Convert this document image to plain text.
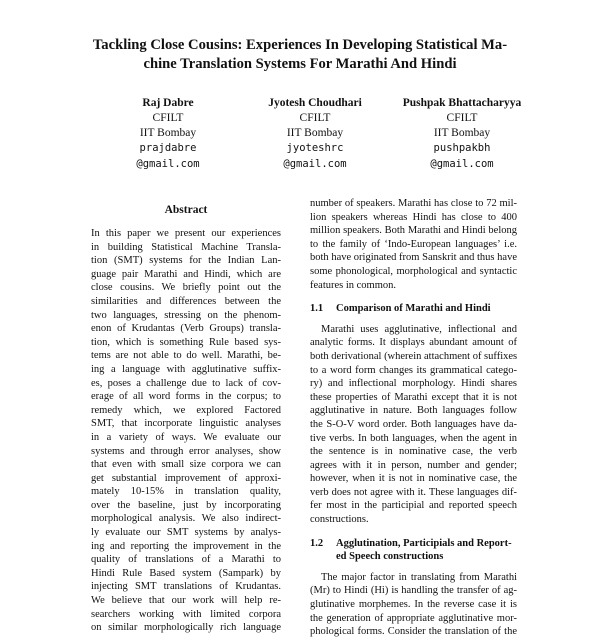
Tackling Close Cousins: Experiences In Developing Statistical Ma-
chine Translation Systems For Marathi And Hindi
Raj Dabre
CFILT
IIT Bombay
prajdabre
@gmail.com
Jyotesh Choudhari
CFILT
IIT Bombay
jyoteshrc
@gmail.com
Pushpak Bhattacharyya
CFILT
IIT Bombay
pushpakbh
@gmail.com
Abstract
In this paper we present our experiences
in building Statistical Machine Transla-
tion (SMT) systems for the Indian Lan-
guage pair Marathi and Hindi, which are
close cousins. We briefly point out the
similarities and differences between the
two languages, stressing on the phenom-
enon of Krudantas (Verb Groups) transla-
tion, which is something Rule based sys-
tems are not able to do well. Marathi, be-
ing a language with agglutinative suffix-
es, poses a challenge due to lack of cov-
erage of all word forms in the corpus; to
remedy which, we explored Factored
SMT, that incorporate linguistic analyses
in a variety of ways. We evaluate our
systems and through error analyses, show
that even with small size corpora we can
get substantial improvement of approxi-
mately 10-15% in translation quality,
over the baseline, just by incorporating
morphological analysis. We also indirect-
ly evaluate our SMT systems by analys-
ing and reporting the improvement in the
quality of translations of a Marathi to
Hindi Rule Based system (Sampark) by
injecting SMT translations of Krudantas.
We believe that our work will help re-
searchers working with limited corpora
on similar morphologically rich language
number of speakers. Marathi has close to 72 mil-
lion speakers whereas Hindi has close to 400
million speakers. Both Marathi and Hindi belong
to the family of ‘Indo-European languages’ i.e.
both have originated from Sanskrit and thus have
some phonological, morphological and syntactic
features in common.
1.1	Comparison of Marathi and Hindi
Marathi uses agglutinative, inflectional and
analytic forms. It displays abundant amount of
both derivational (wherein attachment of suffixes
to a word form changes its grammatical catego-
ry) and inflectional morphology. Hindi shares
these properties of Marathi except that it is not
agglutinative in nature. Both languages follow
the S-O-V word order. Both languages have da-
tive verbs. In both languages, when the agent in
the sentence is in nominative case, the verb
agrees with it in person, number and gender;
however, when it is not in nominative case, the
verb does not agree with it. These languages dif-
fer most in the participial and reported speech
constructions.
1.2	Agglutination, Participials and Report-
ed Speech constructions
The major factor in translating from Marathi
(Mr) to Hindi (Hi) is handling the transfer of ag-
glutinative morphemes. In the reverse case it is
the generation of appropriate agglutinative mor-
phological forms. Consider the translation of the
